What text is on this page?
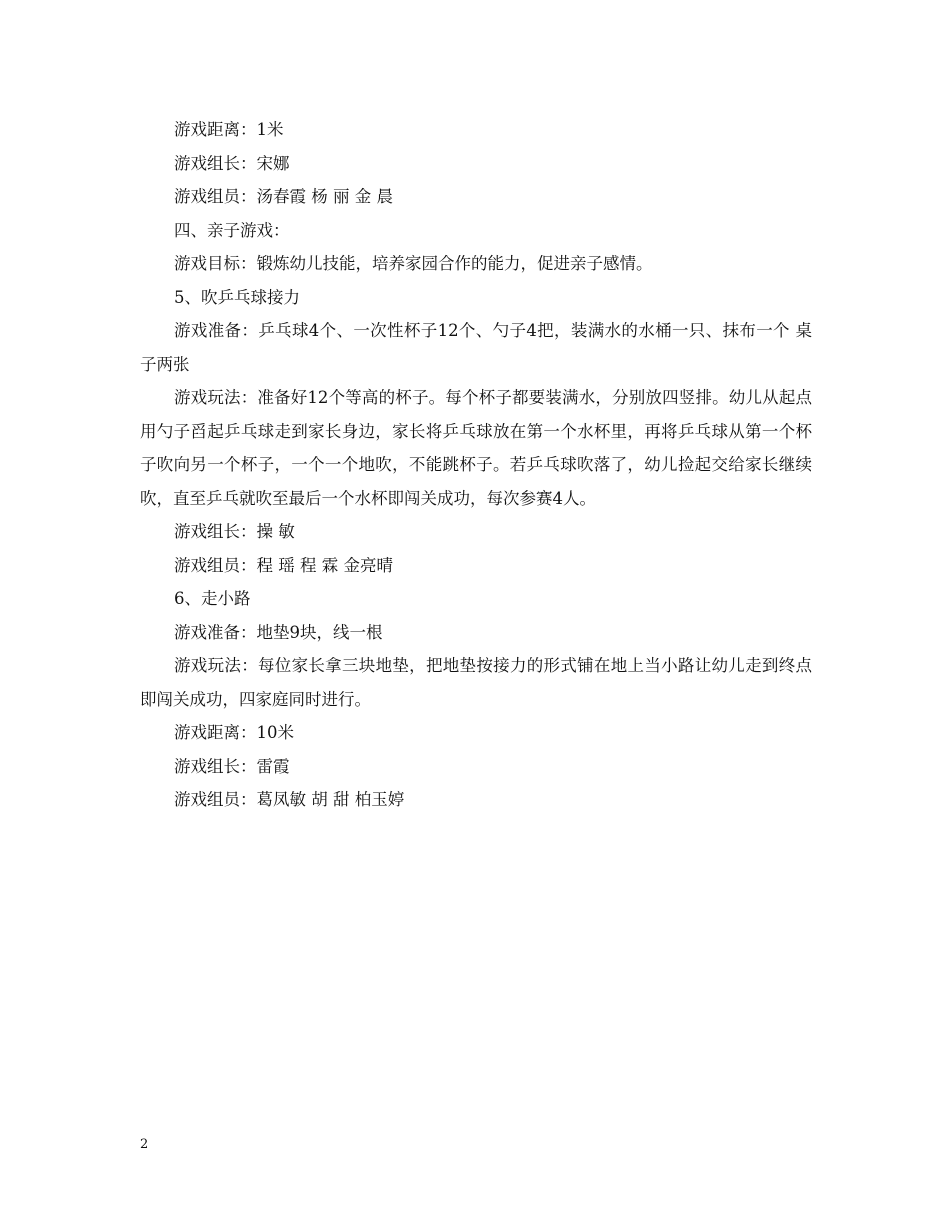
游戏距离：1米

游戏组长：宋娜

游戏组员：汤春霞 杨 丽 金 晨

四、亲子游戏：

游戏目标：锻炼幼儿技能，培养家园合作的能力，促进亲子感情。

5、吹乒乓球接力

游戏准备：乒乓球4个、一次性杯子12个、勺子4把，装满水的水桶一只、抹布一个 桌子两张

游戏玩法：准备好12个等高的杯子。每个杯子都要装满水，分别放四竖排。幼儿从起点用勺子舀起乒乓球走到家长身边，家长将乒乓球放在第一个水杯里，再将乒乓球从第一个杯子吹向另一个杯子，一个一个地吹，不能跳杯子。若乒乓球吹落了，幼儿捡起交给家长继续吹，直至乒乓就吹至最后一个水杯即闯关成功，每次参赛4人。

游戏组长：操 敏

游戏组员：程 瑶 程 霖 金亮晴

6、走小路

游戏准备：地垫9块，线一根

游戏玩法：每位家长拿三块地垫，把地垫按接力的形式铺在地上当小路让幼儿走到终点即闯关成功，四家庭同时进行。

游戏距离：10米

游戏组长：雷霞

游戏组员：葛凤敏 胡 甜 柏玉婷

2
